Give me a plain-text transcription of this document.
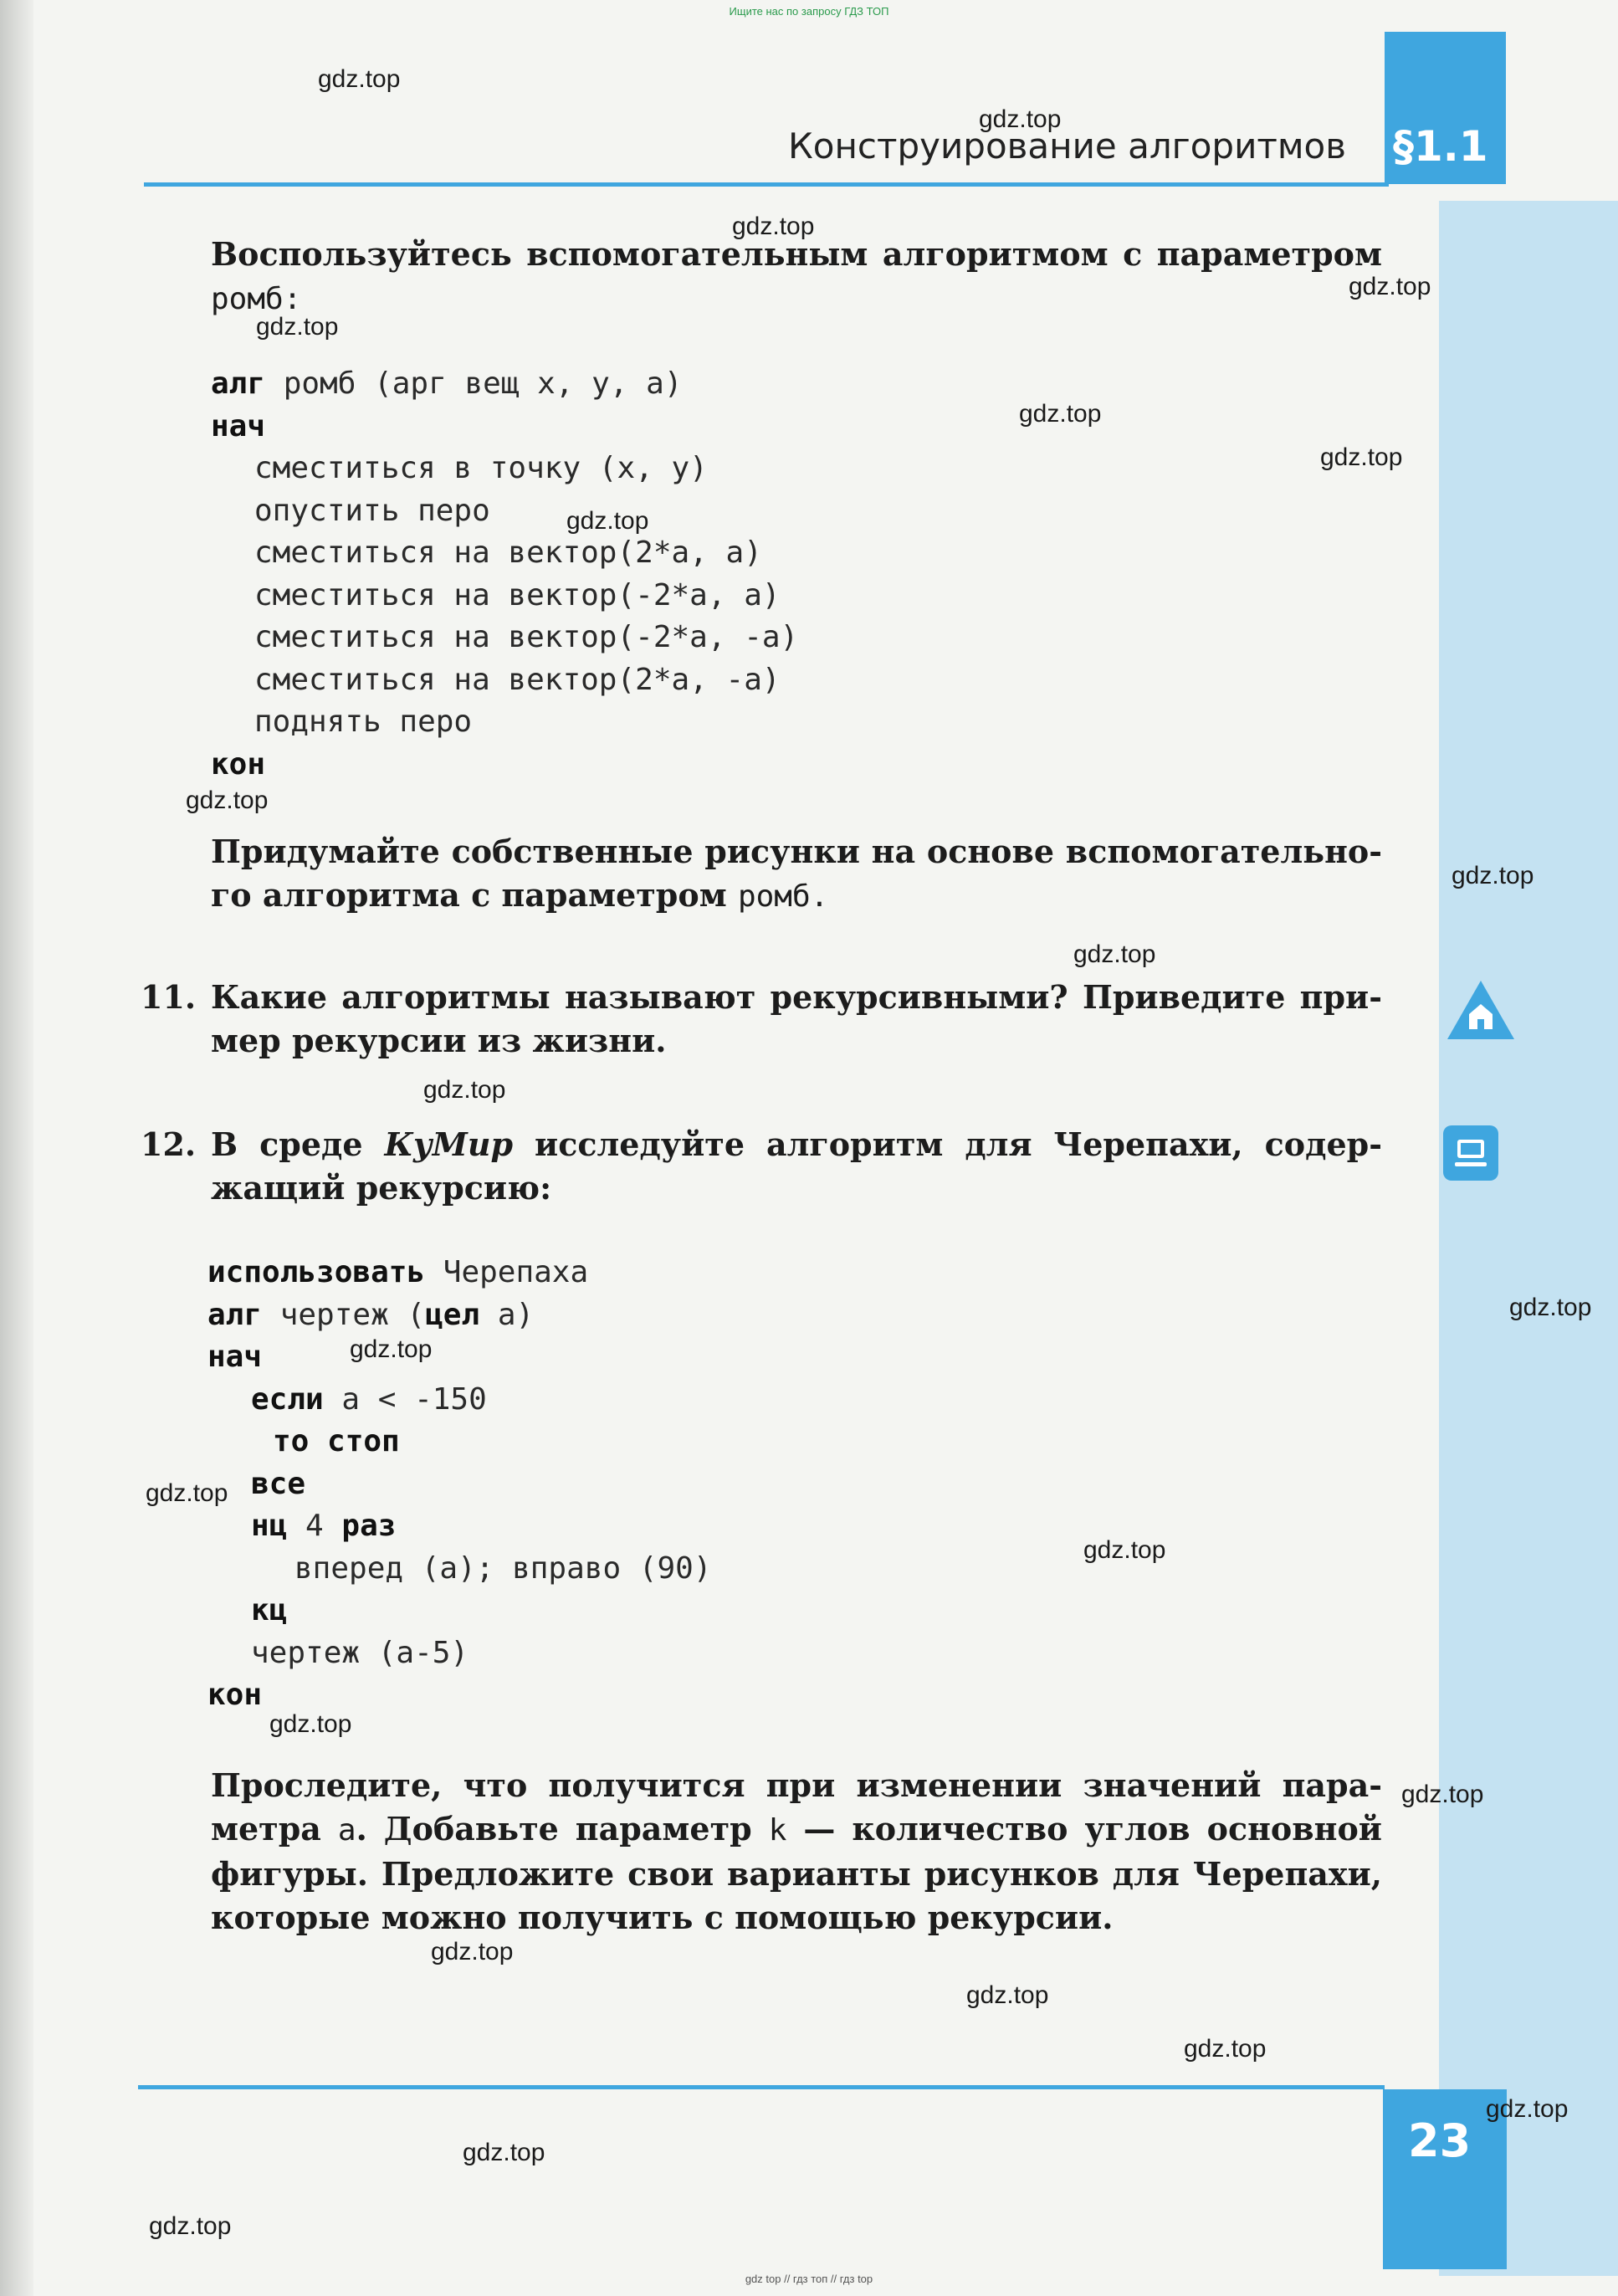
Ищите нас по запросу ГДЗ ТОП
§1.1
Конструирование алгоритмов
Воспользуйтесь вспомогательным алгоритмом с параметром
ромб:
алг ромб (арг вещ x, y, a)
нач
сместиться в точку (x, y)
опустить перо
сместиться на вектор(2*a, a)
сместиться на вектор(-2*a, a)
сместиться на вектор(-2*a, -a)
сместиться на вектор(2*a, -a)
поднять перо
кон
Придумайте собственные рисунки на основе вспомогательно-
го алгоритма с параметром ромб.
11. Какие алгоритмы называют рекурсивными? Приведите при-
мер рекурсии из жизни.
12. В среде КуМир исследуйте алгоритм для Черепахи, содер-
жащий рекурсию:
использовать Черепаха
алг чертеж (цел a)
нач
если a < -150
то стоп
все
нц 4 раз
вперед (a); вправо (90)
кц
чертеж (a-5)
кон
Проследите, что получится при изменении значений пара-
метра a. Добавьте параметр k — количество углов основной
фигуры. Предложите свои варианты рисунков для Черепахи,
которые можно получить с помощью рекурсии.
23
gdz.top
gdz.top
gdz.top
gdz.top
gdz.top
gdz.top
gdz.top
gdz.top
gdz.top
gdz.top
gdz.top
gdz.top
gdz.top
gdz.top
gdz.top
gdz.top
gdz.top
gdz.top
gdz.top
gdz.top
gdz.top
gdz.top
gdz.top
gdz.top
gdz top // гдз топ // гдз top
